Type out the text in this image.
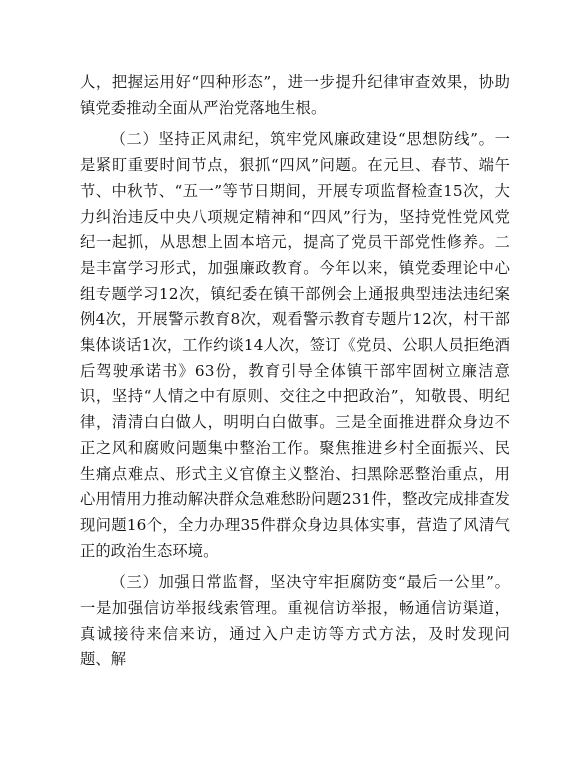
人，把握运用好“四种形态”，进一步提升纪律审查效果，协助镇党委推动全面从严治党落地生根。

（二）坚持正风肃纪，筑牢党风廉政建设“思想防线”。一是紧盯重要时间节点，狠抓“四风”问题。在元旦、春节、端午节、中秋节、“五一”等节日期间，开展专项监督检查15次，大力纠治违反中央八项规定精神和“四风”行为，坚持党性党风党纪一起抓，从思想上固本培元，提高了党员干部党性修养。二是丰富学习形式，加强廉政教育。今年以来，镇党委理论中心组专题学习12次，镇纪委在镇干部例会上通报典型违法违纪案例4次，开展警示教育8次，观看警示教育专题片12次，村干部集体谈话1次，工作约谈14人次，签订《党员、公职人员拒绝酒后驾驶承诺书》63份，教育引导全体镇干部牢固树立廉洁意识，坚持“人情之中有原则、交往之中把政治”，知敬畏、明纪律，清清白白做人，明明白白做事。三是全面推进群众身边不正之风和腐败问题集中整治工作。聚焦推进乡村全面振兴、民生痛点难点、形式主义官僚主义整治、扫黑除恶整治重点，用心用情用力推动解决群众急难愁盼问题231件，整改完成排查发现问题16个，全力办理35件群众身边具体实事，营造了风清气正的政治生态环境。

（三）加强日常监督，坚决守牢拒腐防变“最后一公里”。一是加强信访举报线索管理。重视信访举报，畅通信访渠道，真诚接待来信来访，通过入户走访等方式方法，及时发现问题、解
